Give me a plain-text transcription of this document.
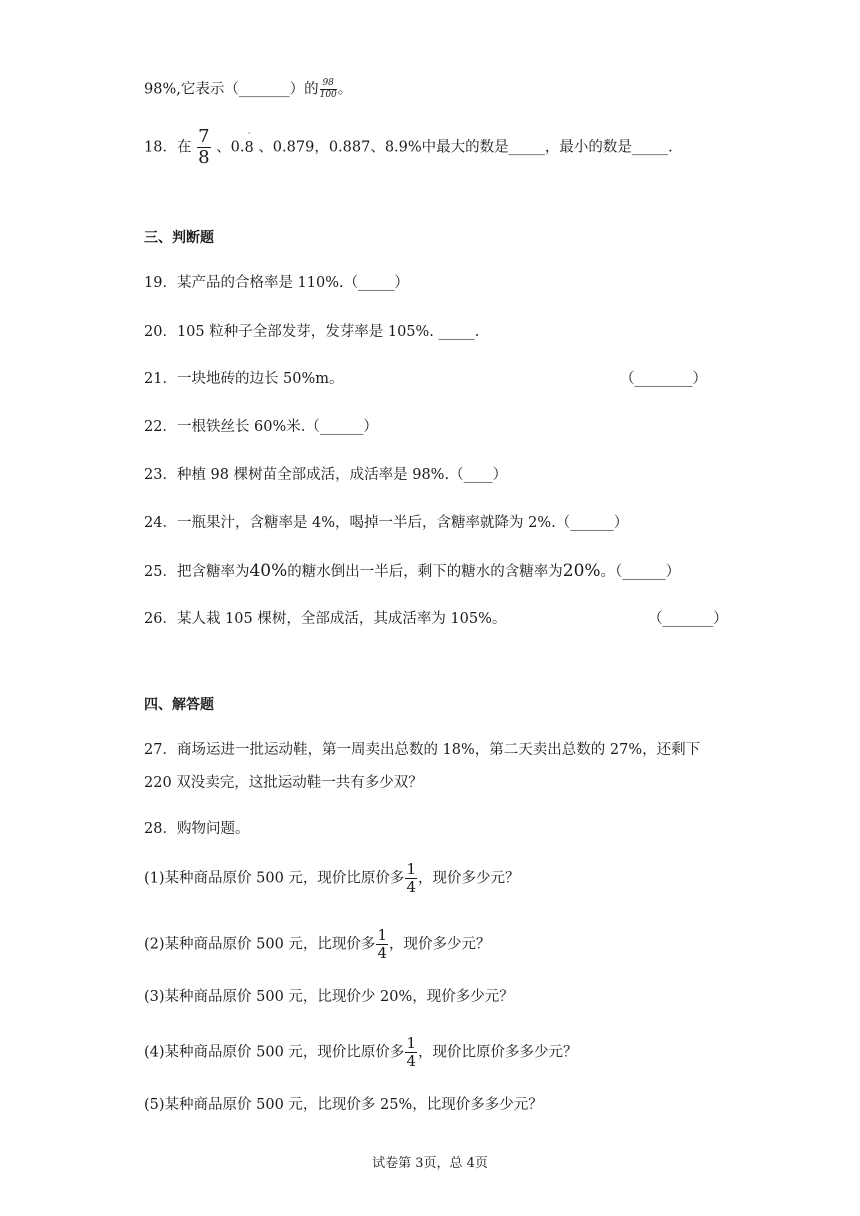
98%,它表示（_______）的 $\frac{98}{100}$ 。
18．在 $\frac{7}{8}$ 、0.
˙
8 、0.879，0.887、8.9%中最大的数是_____，最小的数是_____.
三、判断题
19．某产品的合格率是 110%.（_____）
20．105 粒种子全部发芽，发芽率是 105%. _____.
21．一块地砖的边长 50%m。	（________）
22．一根铁丝长 60%米.（______）
23．种植 98 棵树苗全部成活，成活率是 98%.（____）
24．一瓶果汁，含糖率是 4%，喝掉一半后，含糖率就降为 2%.（______）
25．把含糖率为40%的糖水倒出一半后，剩下的糖水的含糖率为20%。（______）
26．某人栽 105 棵树，全部成活，其成活率为 105%。	（_______）
四、解答题
27．商场运进一批运动鞋，第一周卖出总数的 18%，第二天卖出总数的 27%，还剩下
220 双没卖完，这批运动鞋一共有多少双？
28．购物问题。
(1)某种商品原价 500 元，现价比原价多 $\frac{1}{4}$ ，现价多少元？
(2)某种商品原价 500 元，比现价多 $\frac{1}{4}$ ，现价多少元？
(3)某种商品原价 500 元，比现价少 20%，现价多少元？
(4)某种商品原价 500 元，现价比原价多 $\frac{1}{4}$ ，现价比原价多多少元？
(5)某种商品原价 500 元，比现价多 25%，比现价多多少元？
试卷第 3页，总 4页
